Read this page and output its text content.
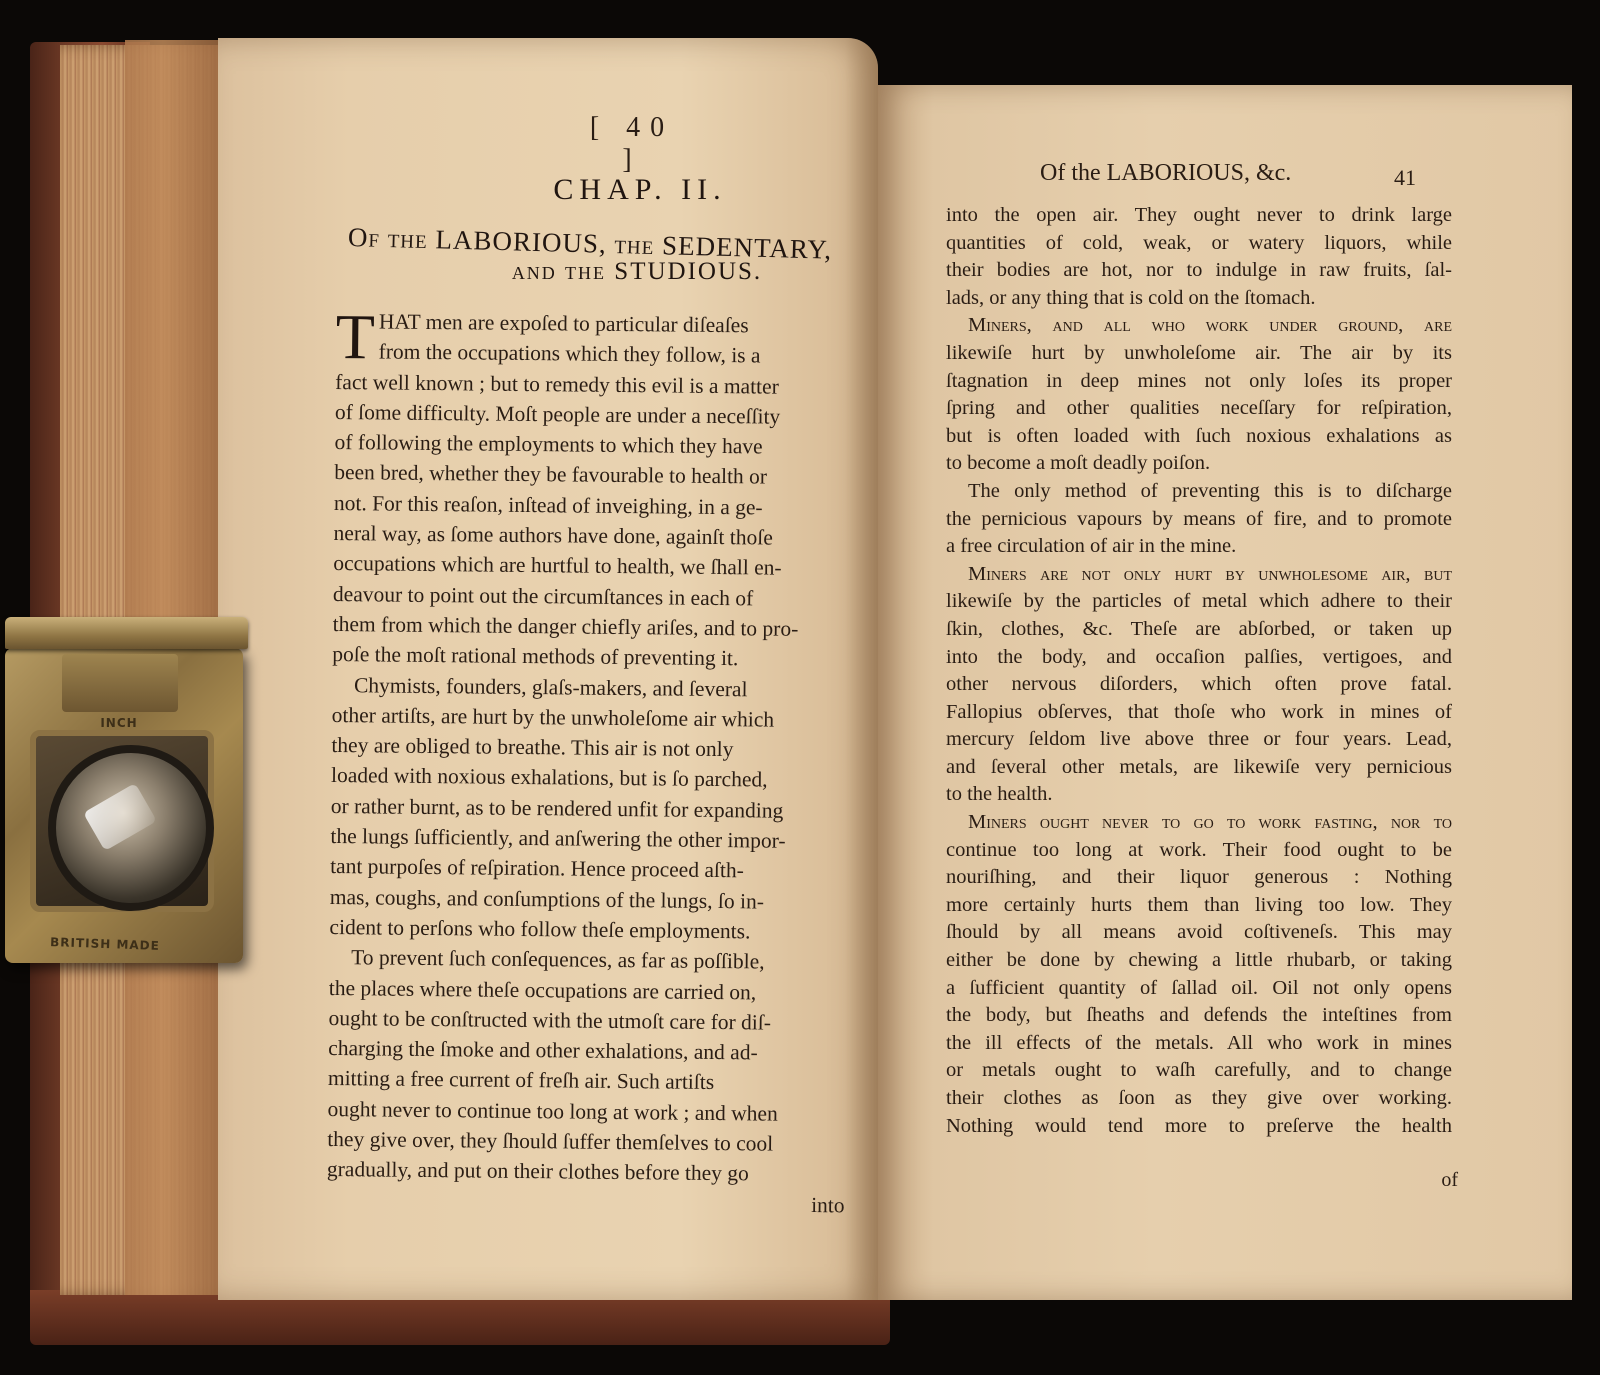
[ 40 ]
CHAP. II.
Of the LABORIOUS, the SEDENTARY,
and the STUDIOUS.

T HAT men are expoſed to particular diſeaſes
from the occupations which they follow, is a
fact well known ; but to remedy this evil is a matter
of ſome difficulty. Moſt people are under a neceſſity
of following the employments to which they have
been bred, whether they be favourable to health or
not. For this reaſon, inſtead of inveighing, in a ge-
neral way, as ſome authors have done, againſt thoſe
occupations which are hurtful to health, we ſhall en-
deavour to point out the circumſtances in each of
them from which the danger chiefly ariſes, and to pro-
poſe the moſt rational methods of preventing it.

Chymists, founders, glaſs-makers, and ſeveral
other artiſts, are hurt by the unwholeſome air which
they are obliged to breathe. This air is not only
loaded with noxious exhalations, but is ſo parched,
or rather burnt, as to be rendered unfit for expanding
the lungs ſufficiently, and anſwering the other impor-
tant purpoſes of reſpiration. Hence proceed aſth-
mas, coughs, and conſumptions of the lungs, ſo in-
cident to perſons who follow theſe employments.

To prevent ſuch conſequences, as far as poſſible,
the places where theſe occupations are carried on,
ought to be conſtructed with the utmoſt care for diſ-
charging the ſmoke and other exhalations, and ad-
mitting a free current of freſh air. Such artiſts
ought never to continue too long at work ; and when
they give over, they ſhould ſuffer themſelves to cool
gradually, and put on their clothes before they go

into
Of the LABORIOUS, &c.	41

into the open air. They ought never to drink large
quantities of cold, weak, or watery liquors, while
their bodies are hot, nor to indulge in raw fruits, ſal-
lads, or any thing that is cold on the ſtomach.

Miners, and all who work under ground, are
likewiſe hurt by unwholeſome air. The air by its
ſtagnation in deep mines not only loſes its proper
ſpring and other qualities neceſſary for reſpiration,
but is often loaded with ſuch noxious exhalations as
to become a moſt deadly poiſon.

The only method of preventing this is to diſcharge
the pernicious vapours by means of fire, and to promote
a free circulation of air in the mine.

Miners are not only hurt by unwholeſome air, but
likewiſe by the particles of metal which adhere to their
ſkin, clothes, &c. Theſe are abſorbed, or taken up
into the body, and occaſion palſies, vertigoes, and
other nervous diſorders, which often prove fatal.
Fallopius obſerves, that thoſe who work in mines of
mercury ſeldom live above three or four years. Lead,
and ſeveral other metals, are likewiſe very pernicious
to the health.

Miners ought never to go to work faſting, nor to
continue too long at work. Their food ought to be
nouriſhing, and their liquor generous : Nothing
more certainly hurts them than living too low. They
ſhould by all means avoid coſtiveneſs. This may
either be done by chewing a little rhubarb, or taking
a ſufficient quantity of ſallad oil. Oil not only opens
the body, but ſheaths and defends the inteſtines from
the ill effects of the metals. All who work in mines
or metals ought to waſh carefully, and to change
their clothes as ſoon as they give over working.
Nothing would tend more to preſerve the health

of
INCH
BRITISH MADE
